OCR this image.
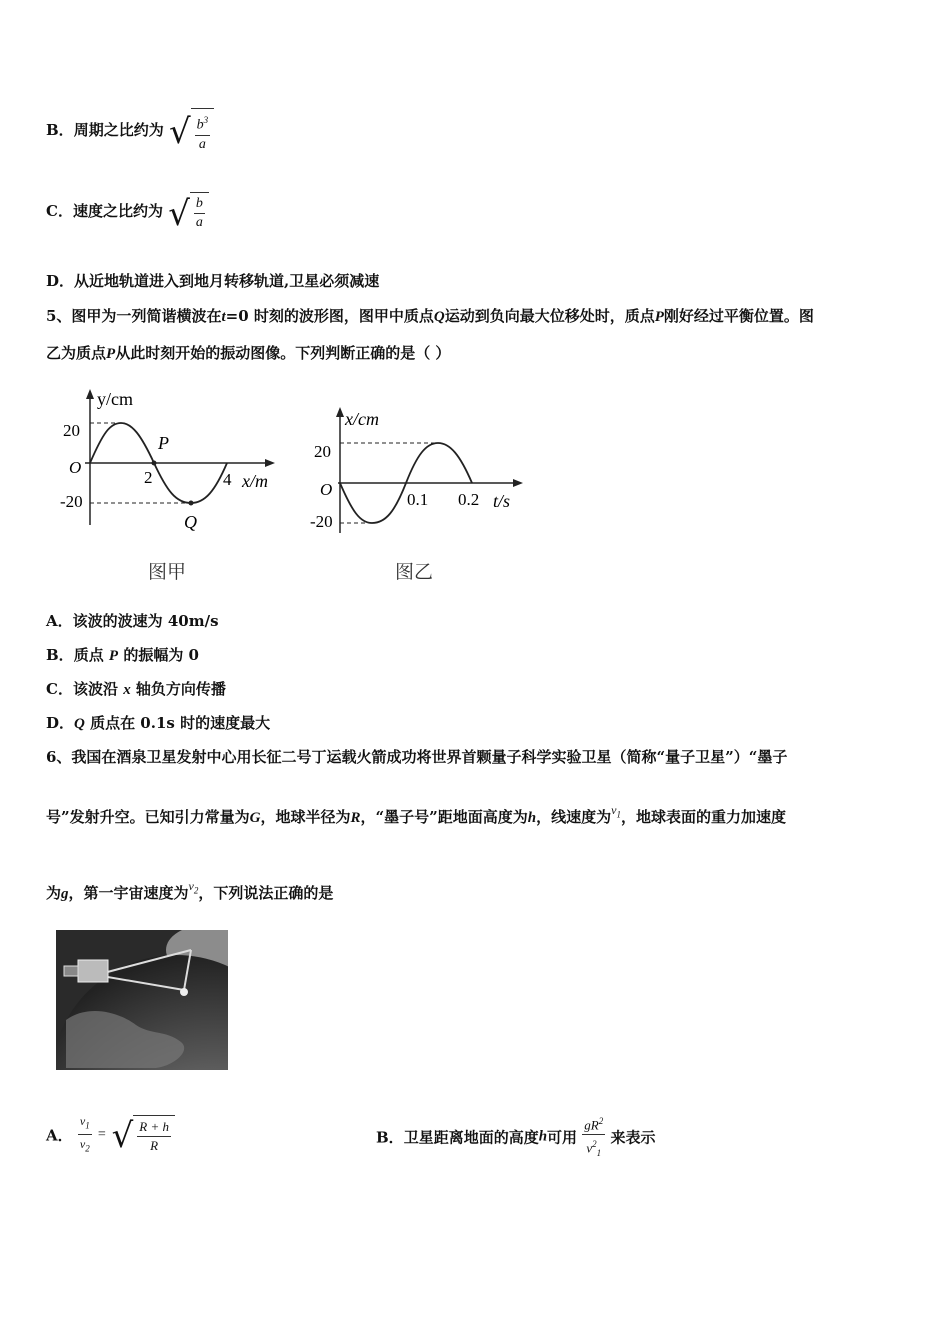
B．周期之比约为 √ $\frac{b^3}{a}$
C．速度之比约为 √ $\frac{b}{a}$
D．从近地轨道进入到地月转移轨道,卫星必须减速
5、图甲为一列简谐横波在t=0 时刻的波形图，图甲中质点Q运动到负向最大位移处时，质点P刚好经过平衡位置。图
乙为质点P从此时刻开始的振动图像。下列判断正确的是（ ）
y/cm
20
-20
O
P
2	4 x/m
Q
图甲
x/cm
20
-20
O
0.1 0.2 t/s
图乙
A．该波的波速为 40m/s
B．质点 P 的振幅为 0
C．该波沿 x 轴负方向传播
D．Q 质点在 0.1s 时的速度最大
6、我国在酒泉卫星发射中心用长征二号丁运载火箭成功将世界首颗量子科学实验卫星（简称“量子卫星”）“墨子
号”发射升空。已知引力常量为G，地球半径为R，“墨子号”距地面高度为h，线速度为$^{v_1}$，地球表面的重力加速度
为g，第一宇宙速度为$^{v_2}$，下列说法正确的是
A． $\frac{v_1}{v_2}$ = √ $\frac{R + h}{R}$	B．卫星距离地面的高度h可用 $\frac{gR^2}{v^2_1}$ 来表示
